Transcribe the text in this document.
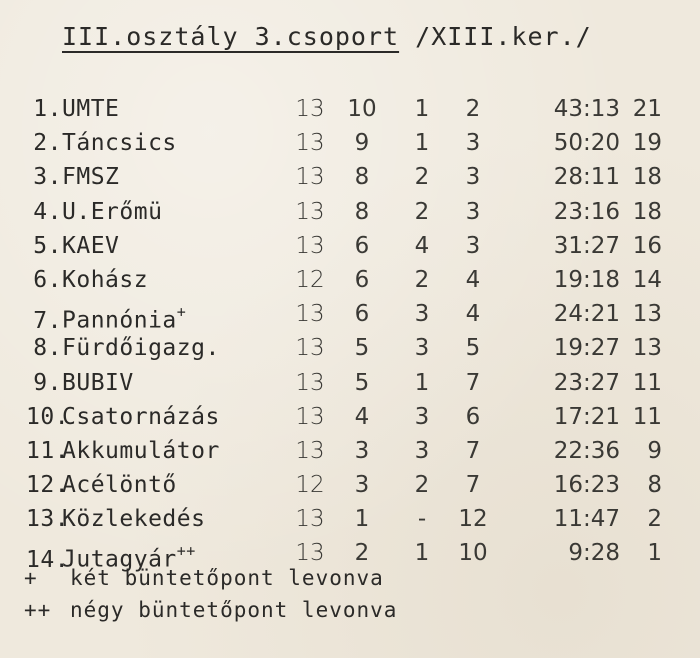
III.osztály 3.csoport /XIII.ker./
1.UMTE	13 10	1	2	43:13 21
2.Táncsics	13	9	1	3	50:20 19
3.FMSZ	13	8	2	3	28:11 18
4.U.Erőmü	13	8	2	3	23:16 18
5.KAEV	13	6	4	3	31:27 16
6.Kohász	12	6	2	4	19:18 14
7.Pannónia+	13	6	3	4	24:21 13
8.Fürdőigazg.	13	5	3	5	19:27 13
9.BUBIV	13	5	1	7	23:27 11
10.Csatornázás	13	4	3	6	17:21 11
11.Akkumulátor	13	3	3	7	22:36	9
12.Acélöntő	12	3	2	7	16:23	8
13.Közlekedés	13	1	-	12	11:47	2
14.Jutagyár++	13	2	1	10	9:28	1
+ két büntetőpont levonva
++ négy büntetőpont levonva
